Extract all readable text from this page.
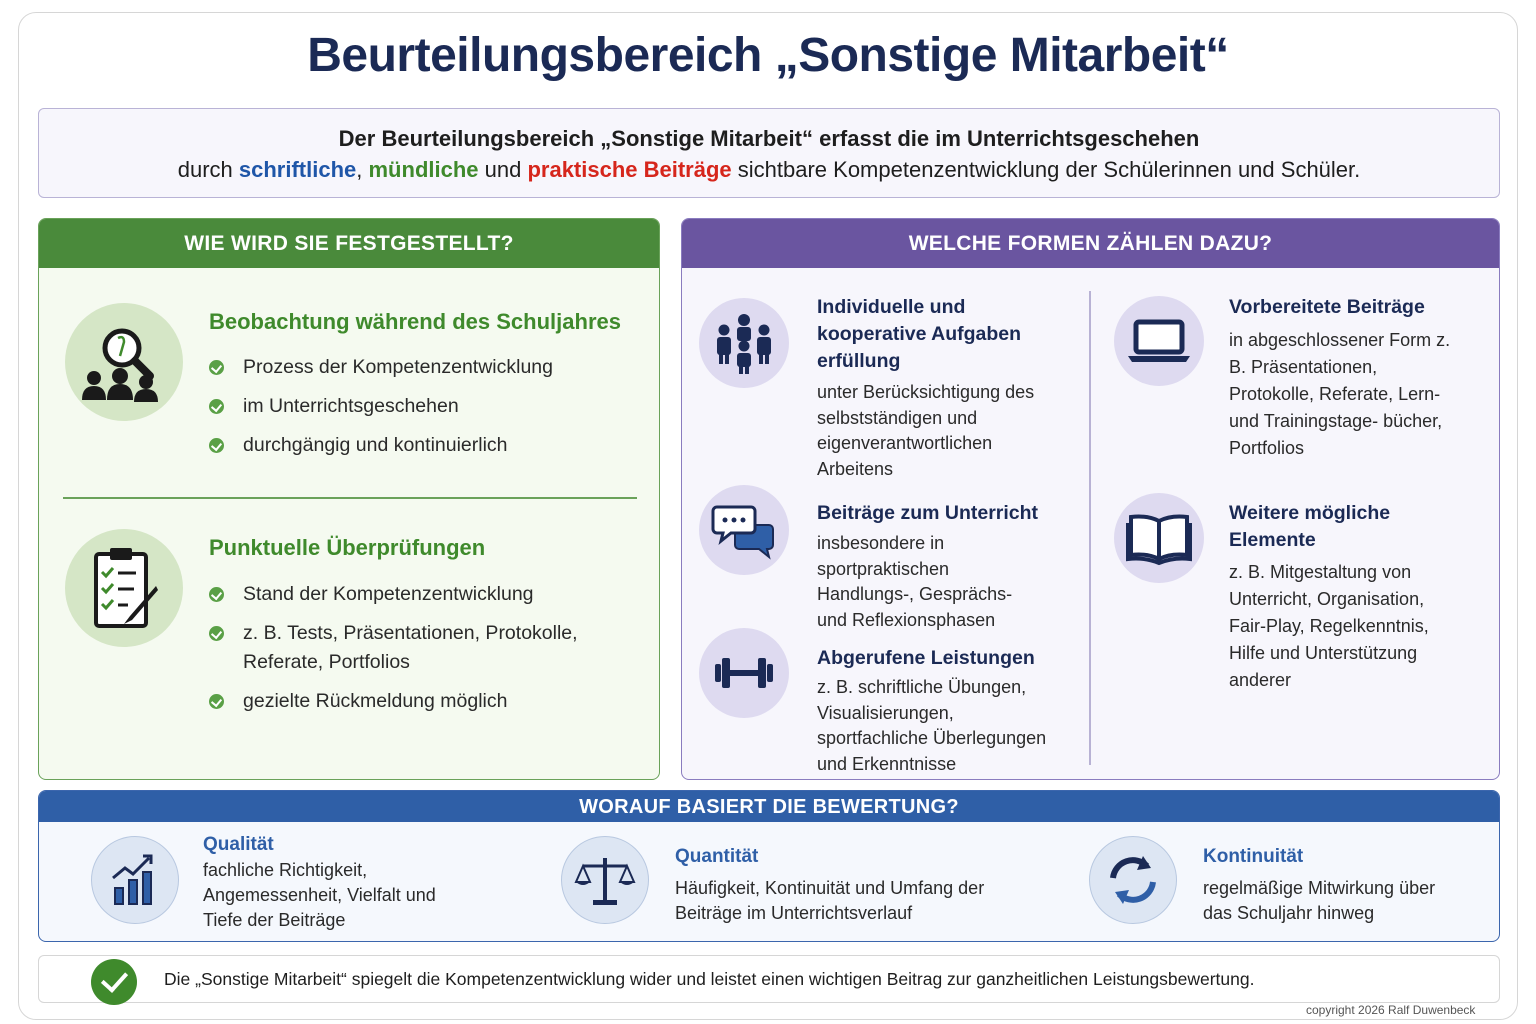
Beurteilungsbereich „Sonstige Mitarbeit“
Der Beurteilungsbereich „Sonstige Mitarbeit“ erfasst die im Unterrichtsgeschehen
durch schriftliche, mündliche und praktische Beiträge sichtbare Kompetenzentwicklung der Schülerinnen und Schüler.
WIE WIRD SIE FESTGESTELLT?
Beobachtung während des Schuljahres
Prozess der Kompetenzentwicklung
im Unterrichtsgeschehen
durchgängig und kontinuierlich
Punktuelle Überprüfungen
Stand der Kompetenzentwicklung
z. B. Tests, Präsentationen, Protokolle, Referate, Portfolios
gezielte Rückmeldung möglich
WELCHE FORMEN ZÄHLEN DAZU?
Individuelle und kooperative Aufgaben erfüllung
unter Berücksichtigung des selbstständigen und eigenverantwortlichen Arbeitens
Beiträge zum Unterricht
insbesondere in sportpraktischen Handlungs-, Gesprächs- und Reflexionsphasen
Abgerufene Leistungen
z. B. schriftliche Übungen, Visualisierungen, sportfachliche Überlegungen und Erkenntnisse
Vorbereitete Beiträge
in abgeschlossener Form z. B. Präsentationen, Protokolle, Referate, Lern- und Trainingstage- bücher, Portfolios
Weitere mögliche Elemente
z. B. Mitgestaltung von Unterricht, Organisation, Fair-Play, Regelkenntnis, Hilfe und Unterstützung anderer
WORAUF BASIERT DIE BEWERTUNG?
Qualität
fachliche Richtigkeit, Angemessenheit, Vielfalt und Tiefe der Beiträge
Quantität
Häufigkeit, Kontinuität und Umfang der Beiträge im Unterrichtsverlauf
Kontinuität
regelmäßige Mitwirkung über das Schuljahr hinweg
Die „Sonstige Mitarbeit“ spiegelt die Kompetenzentwicklung wider und leistet einen wichtigen Beitrag zur ganzheitlichen Leistungsbewertung.
copyright 2026 Ralf Duwenbeck
